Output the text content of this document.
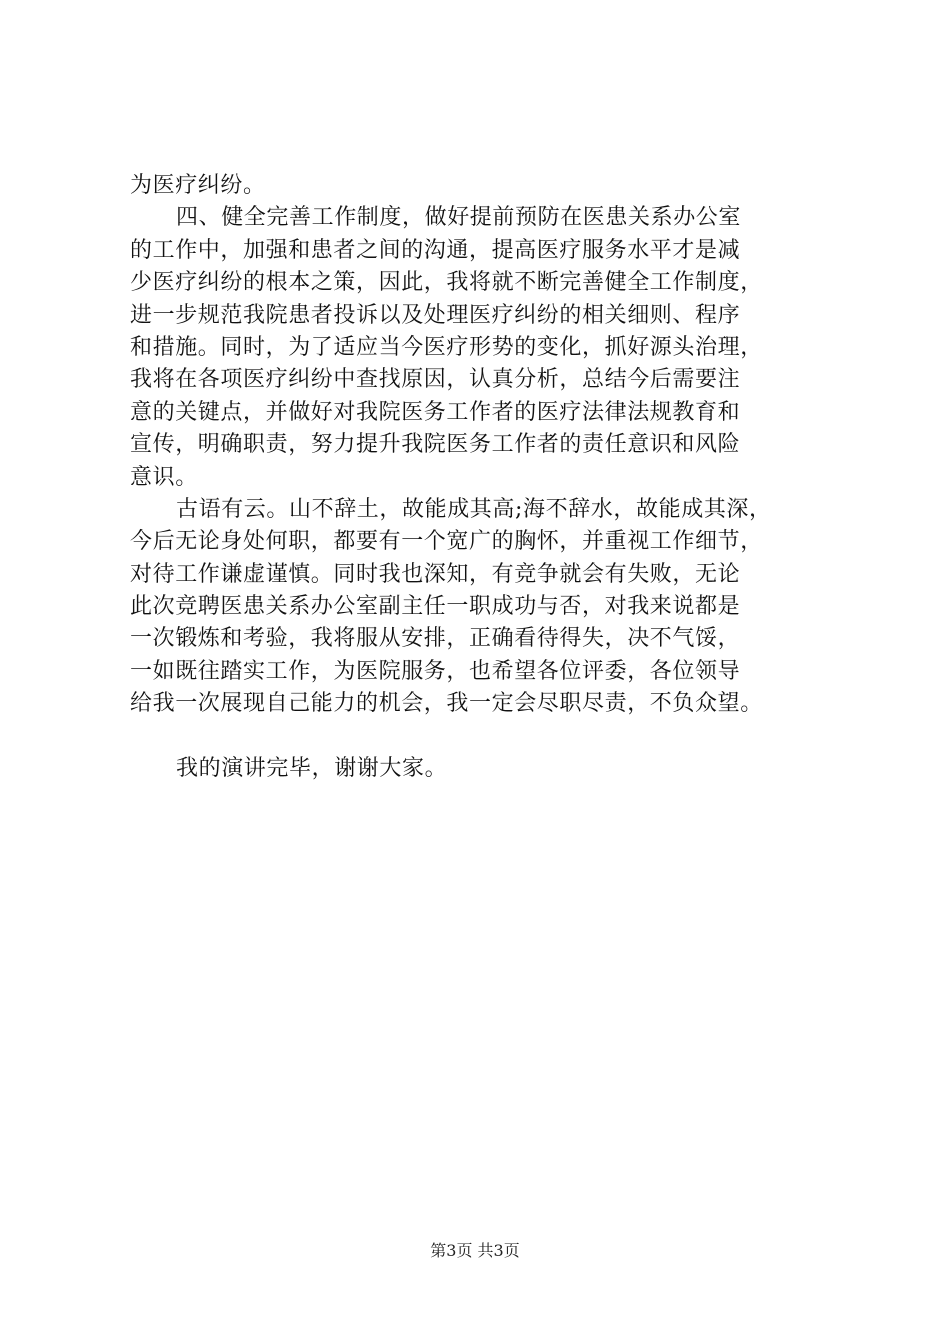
为医疗纠纷。
四、健全完善工作制度，做好提前预防在医患关系办公室
的工作中，加强和患者之间的沟通，提高医疗服务水平才是减
少医疗纠纷的根本之策，因此，我将就不断完善健全工作制度，
进一步规范我院患者投诉以及处理医疗纠纷的相关细则、程序
和措施。同时，为了适应当今医疗形势的变化，抓好源头治理，
我将在各项医疗纠纷中查找原因，认真分析，总结今后需要注
意的关键点，并做好对我院医务工作者的医疗法律法规教育和
宣传，明确职责，努力提升我院医务工作者的责任意识和风险
意识。
古语有云。山不辞土，故能成其高;海不辞水，故能成其深，
今后无论身处何职，都要有一个宽广的胸怀，并重视工作细节，
对待工作谦虚谨慎。同时我也深知，有竞争就会有失败，无论
此次竞聘医患关系办公室副主任一职成功与否，对我来说都是
一次锻炼和考验，我将服从安排，正确看待得失，决不气馁，
一如既往踏实工作，为医院服务，也希望各位评委，各位领导
给我一次展现自己能力的机会，我一定会尽职尽责，不负众望。
我的演讲完毕，谢谢大家。
第3页 共3页
